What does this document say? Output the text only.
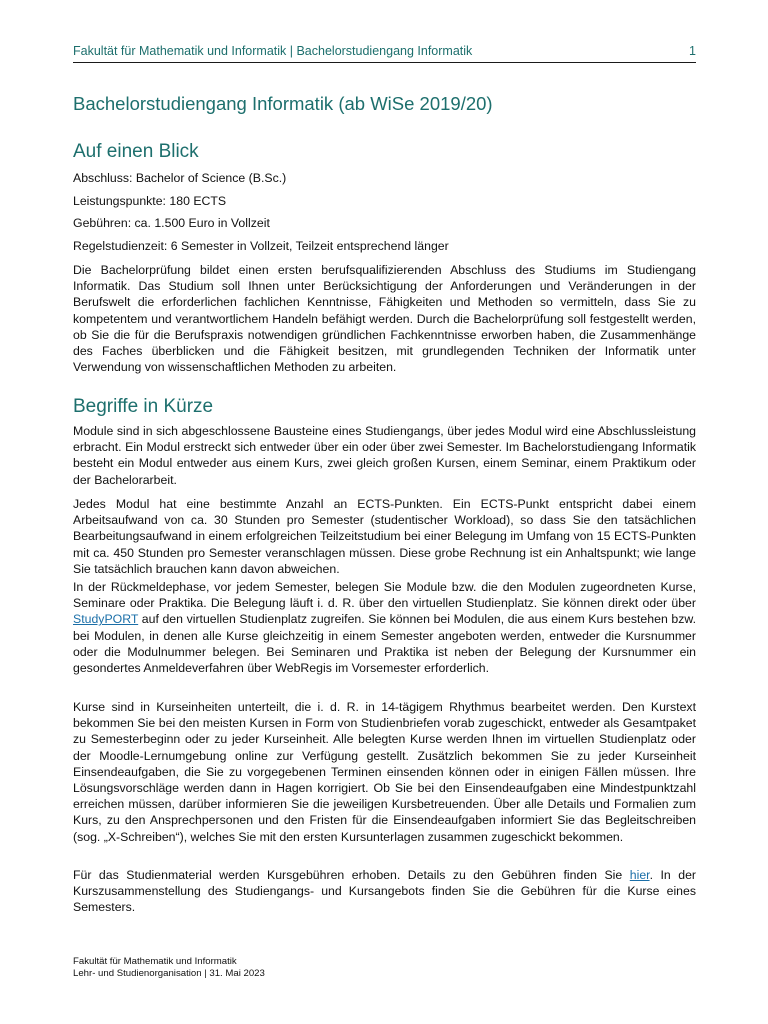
Fakultät für Mathematik und Informatik | Bachelorstudiengang Informatik	1
Bachelorstudiengang Informatik (ab WiSe 2019/20)
Auf einen Blick

Abschluss: Bachelor of Science (B.Sc.)

Leistungspunkte: 180 ECTS

Gebühren: ca. 1.500 Euro in Vollzeit

Regelstudienzeit: 6 Semester in Vollzeit, Teilzeit entsprechend länger

Die Bachelorprüfung bildet einen ersten berufsqualifizierenden Abschluss des Studiums im Studiengang Informatik. Das Studium soll Ihnen unter Berücksichtigung der Anforderungen und Veränderungen in der Berufswelt die erforderlichen fachlichen Kenntnisse, Fähigkeiten und Methoden so vermitteln, dass Sie zu kompetentem und verantwortlichem Handeln befähigt werden. Durch die Bachelorprüfung soll festgestellt werden, ob Sie die für die Berufspraxis notwendigen gründlichen Fachkenntnisse erworben haben, die Zusammenhänge des Faches überblicken und die Fähigkeit besitzen, mit grundlegenden Techniken der Informatik unter Verwendung von wissenschaftlichen Methoden zu arbeiten.

Begriffe in Kürze

Module sind in sich abgeschlossene Bausteine eines Studiengangs, über jedes Modul wird eine Abschlussleistung erbracht. Ein Modul erstreckt sich entweder über ein oder über zwei Semester. Im Bachelorstudiengang Informatik besteht ein Modul entweder aus einem Kurs, zwei gleich großen Kursen, einem Seminar, einem Praktikum oder der Bachelorarbeit.

Jedes Modul hat eine bestimmte Anzahl an ECTS-Punkten. Ein ECTS-Punkt entspricht dabei einem Arbeitsaufwand von ca. 30 Stunden pro Semester (studentischer Workload), so dass Sie den tatsächlichen Bearbeitungsaufwand in einem erfolgreichen Teilzeitstudium bei einer Belegung im Umfang von 15 ECTS-Punkten mit ca. 450 Stunden pro Semester veranschlagen müssen. Diese grobe Rechnung ist ein Anhaltspunkt; wie lange Sie tatsächlich brauchen kann davon abweichen.

In der Rückmeldephase, vor jedem Semester, belegen Sie Module bzw. die den Modulen zugeordneten Kurse, Seminare oder Praktika. Die Belegung läuft i. d. R. über den virtuellen Studienplatz. Sie können direkt oder über StudyPORT auf den virtuellen Studienplatz zugreifen. Sie können bei Modulen, die aus einem Kurs bestehen bzw. bei Modulen, in denen alle Kurse gleichzeitig in einem Semester angeboten werden, entweder die Kursnummer oder die Modulnummer belegen. Bei Seminaren und Praktika ist neben der Belegung der Kursnummer ein gesondertes Anmeldeverfahren über WebRegis im Vorsemester erforderlich.

Kurse sind in Kurseinheiten unterteilt, die i. d. R. in 14-tägigem Rhythmus bearbeitet werden. Den Kurstext bekommen Sie bei den meisten Kursen in Form von Studienbriefen vorab zugeschickt, entweder als Gesamtpaket zu Semesterbeginn oder zu jeder Kurseinheit. Alle belegten Kurse werden Ihnen im virtuellen Studienplatz oder der Moodle-Lernumgebung online zur Verfügung gestellt. Zusätzlich bekommen Sie zu jeder Kurseinheit Einsendeaufgaben, die Sie zu vorgegebenen Terminen einsenden können oder in einigen Fällen müssen. Ihre Lösungsvorschläge werden dann in Hagen korrigiert. Ob Sie bei den Einsendeaufgaben eine Mindestpunktzahl erreichen müssen, darüber informieren Sie die jeweiligen Kursbetreuenden. Über alle Details und Formalien zum Kurs, zu den Ansprechpersonen und den Fristen für die Einsendeaufgaben informiert Sie das Begleitschreiben (sog. „X-Schreiben“), welches Sie mit den ersten Kursunterlagen zusammen zugeschickt bekommen.

Für das Studienmaterial werden Kursgebühren erhoben. Details zu den Gebühren finden Sie hier. In der Kurszusammenstellung des Studiengangs- und Kursangebots finden Sie die Gebühren für die Kurse eines Semesters.

Fakultät für Mathematik und Informatik
Lehr- und Studienorganisation | 31. Mai 2023
